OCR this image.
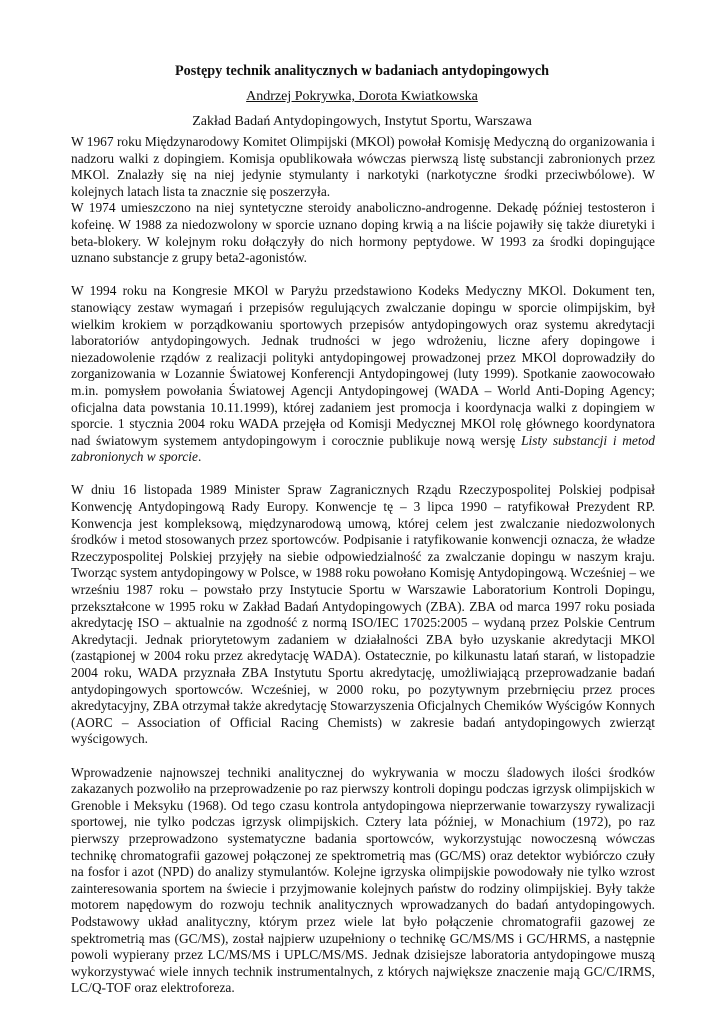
Postępy technik analitycznych w badaniach antydopingowych
Andrzej Pokrywka, Dorota Kwiatkowska
Zakład Badań Antydopingowych, Instytut Sportu, Warszawa

W 1967 roku Międzynarodowy Komitet Olimpijski (MKOl) powołał Komisję Medyczną do organizowania i nadzoru walki z dopingiem. Komisja opublikowała wówczas pierwszą listę substancji zabronionych przez MKOl. Znalazły się na niej jedynie stymulanty i narkotyki (narkotyczne środki przeciwbólowe). W kolejnych latach lista ta znacznie się poszerzyła.

W 1974 umieszczono na niej syntetyczne steroidy anaboliczno-androgenne. Dekadę później testosteron i kofeinę. W 1988 za niedozwolony w sporcie uznano doping krwią a na liście pojawiły się także diuretyki i beta-blokery. W kolejnym roku dołączyły do nich hormony peptydowe. W 1993 za środki dopingujące uznano substancje z grupy beta2-agonistów.

W 1994 roku na Kongresie MKOl w Paryżu przedstawiono Kodeks Medyczny MKOl. Dokument ten, stanowiący zestaw wymagań i przepisów regulujących zwalczanie dopingu w sporcie olimpijskim, był wielkim krokiem w porządkowaniu sportowych przepisów antydopingowych oraz systemu akredytacji laboratoriów antydopingowych. Jednak trudności w jego wdrożeniu, liczne afery dopingowe i niezadowolenie rządów z realizacji polityki antydopingowej prowadzonej przez MKOl doprowadziły do zorganizowania w Lozannie Światowej Konferencji Antydopingowej (luty 1999). Spotkanie zaowocowało m.in. pomysłem powołania Światowej Agencji Antydopingowej (WADA – World Anti-Doping Agency; oficjalna data powstania 10.11.1999), której zadaniem jest promocja i koordynacja walki z dopingiem w sporcie. 1 stycznia 2004 roku WADA przejęła od Komisji Medycznej MKOl rolę głównego koordynatora nad światowym systemem antydopingowym i corocznie publikuje nową wersję Listy substancji i metod zabronionych w sporcie.

W dniu 16 listopada 1989 Minister Spraw Zagranicznych Rządu Rzeczypospolitej Polskiej podpisał Konwencję Antydopingową Rady Europy. Konwencje tę – 3 lipca 1990 – ratyfikował Prezydent RP. Konwencja jest kompleksową, międzynarodową umową, której celem jest zwalczanie niedozwolonych środków i metod stosowanych przez sportowców. Podpisanie i ratyfikowanie konwencji oznacza, że władze Rzeczypospolitej Polskiej przyjęły na siebie odpowiedzialność za zwalczanie dopingu w naszym kraju. Tworząc system antydopingowy w Polsce, w 1988 roku powołano Komisję Antydopingową. Wcześniej – we wrześniu 1987 roku – powstało przy Instytucie Sportu w Warszawie Laboratorium Kontroli Dopingu, przekształcone w 1995 roku w Zakład Badań Antydopingowych (ZBA). ZBA od marca 1997 roku posiada akredytację ISO – aktualnie na zgodność z normą ISO/IEC 17025:2005 – wydaną przez Polskie Centrum Akredytacji. Jednak priorytetowym zadaniem w działalności ZBA było uzyskanie akredytacji MKOl (zastąpionej w 2004 roku przez akredytację WADA). Ostatecznie, po kilkunastu latań starań, w listopadzie 2004 roku, WADA przyznała ZBA Instytutu Sportu akredytację, umożliwiającą przeprowadzanie badań antydopingowych sportowców. Wcześniej, w 2000 roku, po pozytywnym przebrnięciu przez proces akredytacyjny, ZBA otrzymał także akredytację Stowarzyszenia Oficjalnych Chemików Wyścigów Konnych (AORC – Association of Official Racing Chemists) w zakresie badań antydopingowych zwierząt wyścigowych.

Wprowadzenie najnowszej techniki analitycznej do wykrywania w moczu śladowych ilości środków zakazanych pozwoliło na przeprowadzenie po raz pierwszy kontroli dopingu podczas igrzysk olimpijskich w Grenoble i Meksyku (1968). Od tego czasu kontrola antydopingowa nieprzerwanie towarzyszy rywalizacji sportowej, nie tylko podczas igrzysk olimpijskich. Cztery lata później, w Monachium (1972), po raz pierwszy przeprowadzono systematyczne badania sportowców, wykorzystując nowoczesną wówczas technikę chromatografii gazowej połączonej ze spektrometrią mas (GC/MS) oraz detektor wybiórczo czuły na fosfor i azot (NPD) do analizy stymulantów. Kolejne igrzyska olimpijskie powodowały nie tylko wzrost zainteresowania sportem na świecie i przyjmowanie kolejnych państw do rodziny olimpijskiej. Były także motorem napędowym do rozwoju technik analitycznych wprowadzanych do badań antydopingowych. Podstawowy układ analityczny, którym przez wiele lat było połączenie chromatografii gazowej ze spektrometrią mas (GC/MS), został najpierw uzupełniony o technikę GC/MS/MS i GC/HRMS, a następnie powoli wypierany przez LC/MS/MS i UPLC/MS/MS. Jednak dzisiejsze laboratoria antydopingowe muszą wykorzystywać wiele innych technik instrumentalnych, z których największe znaczenie mają GC/C/IRMS, LC/Q-TOF oraz elektroforeza.
